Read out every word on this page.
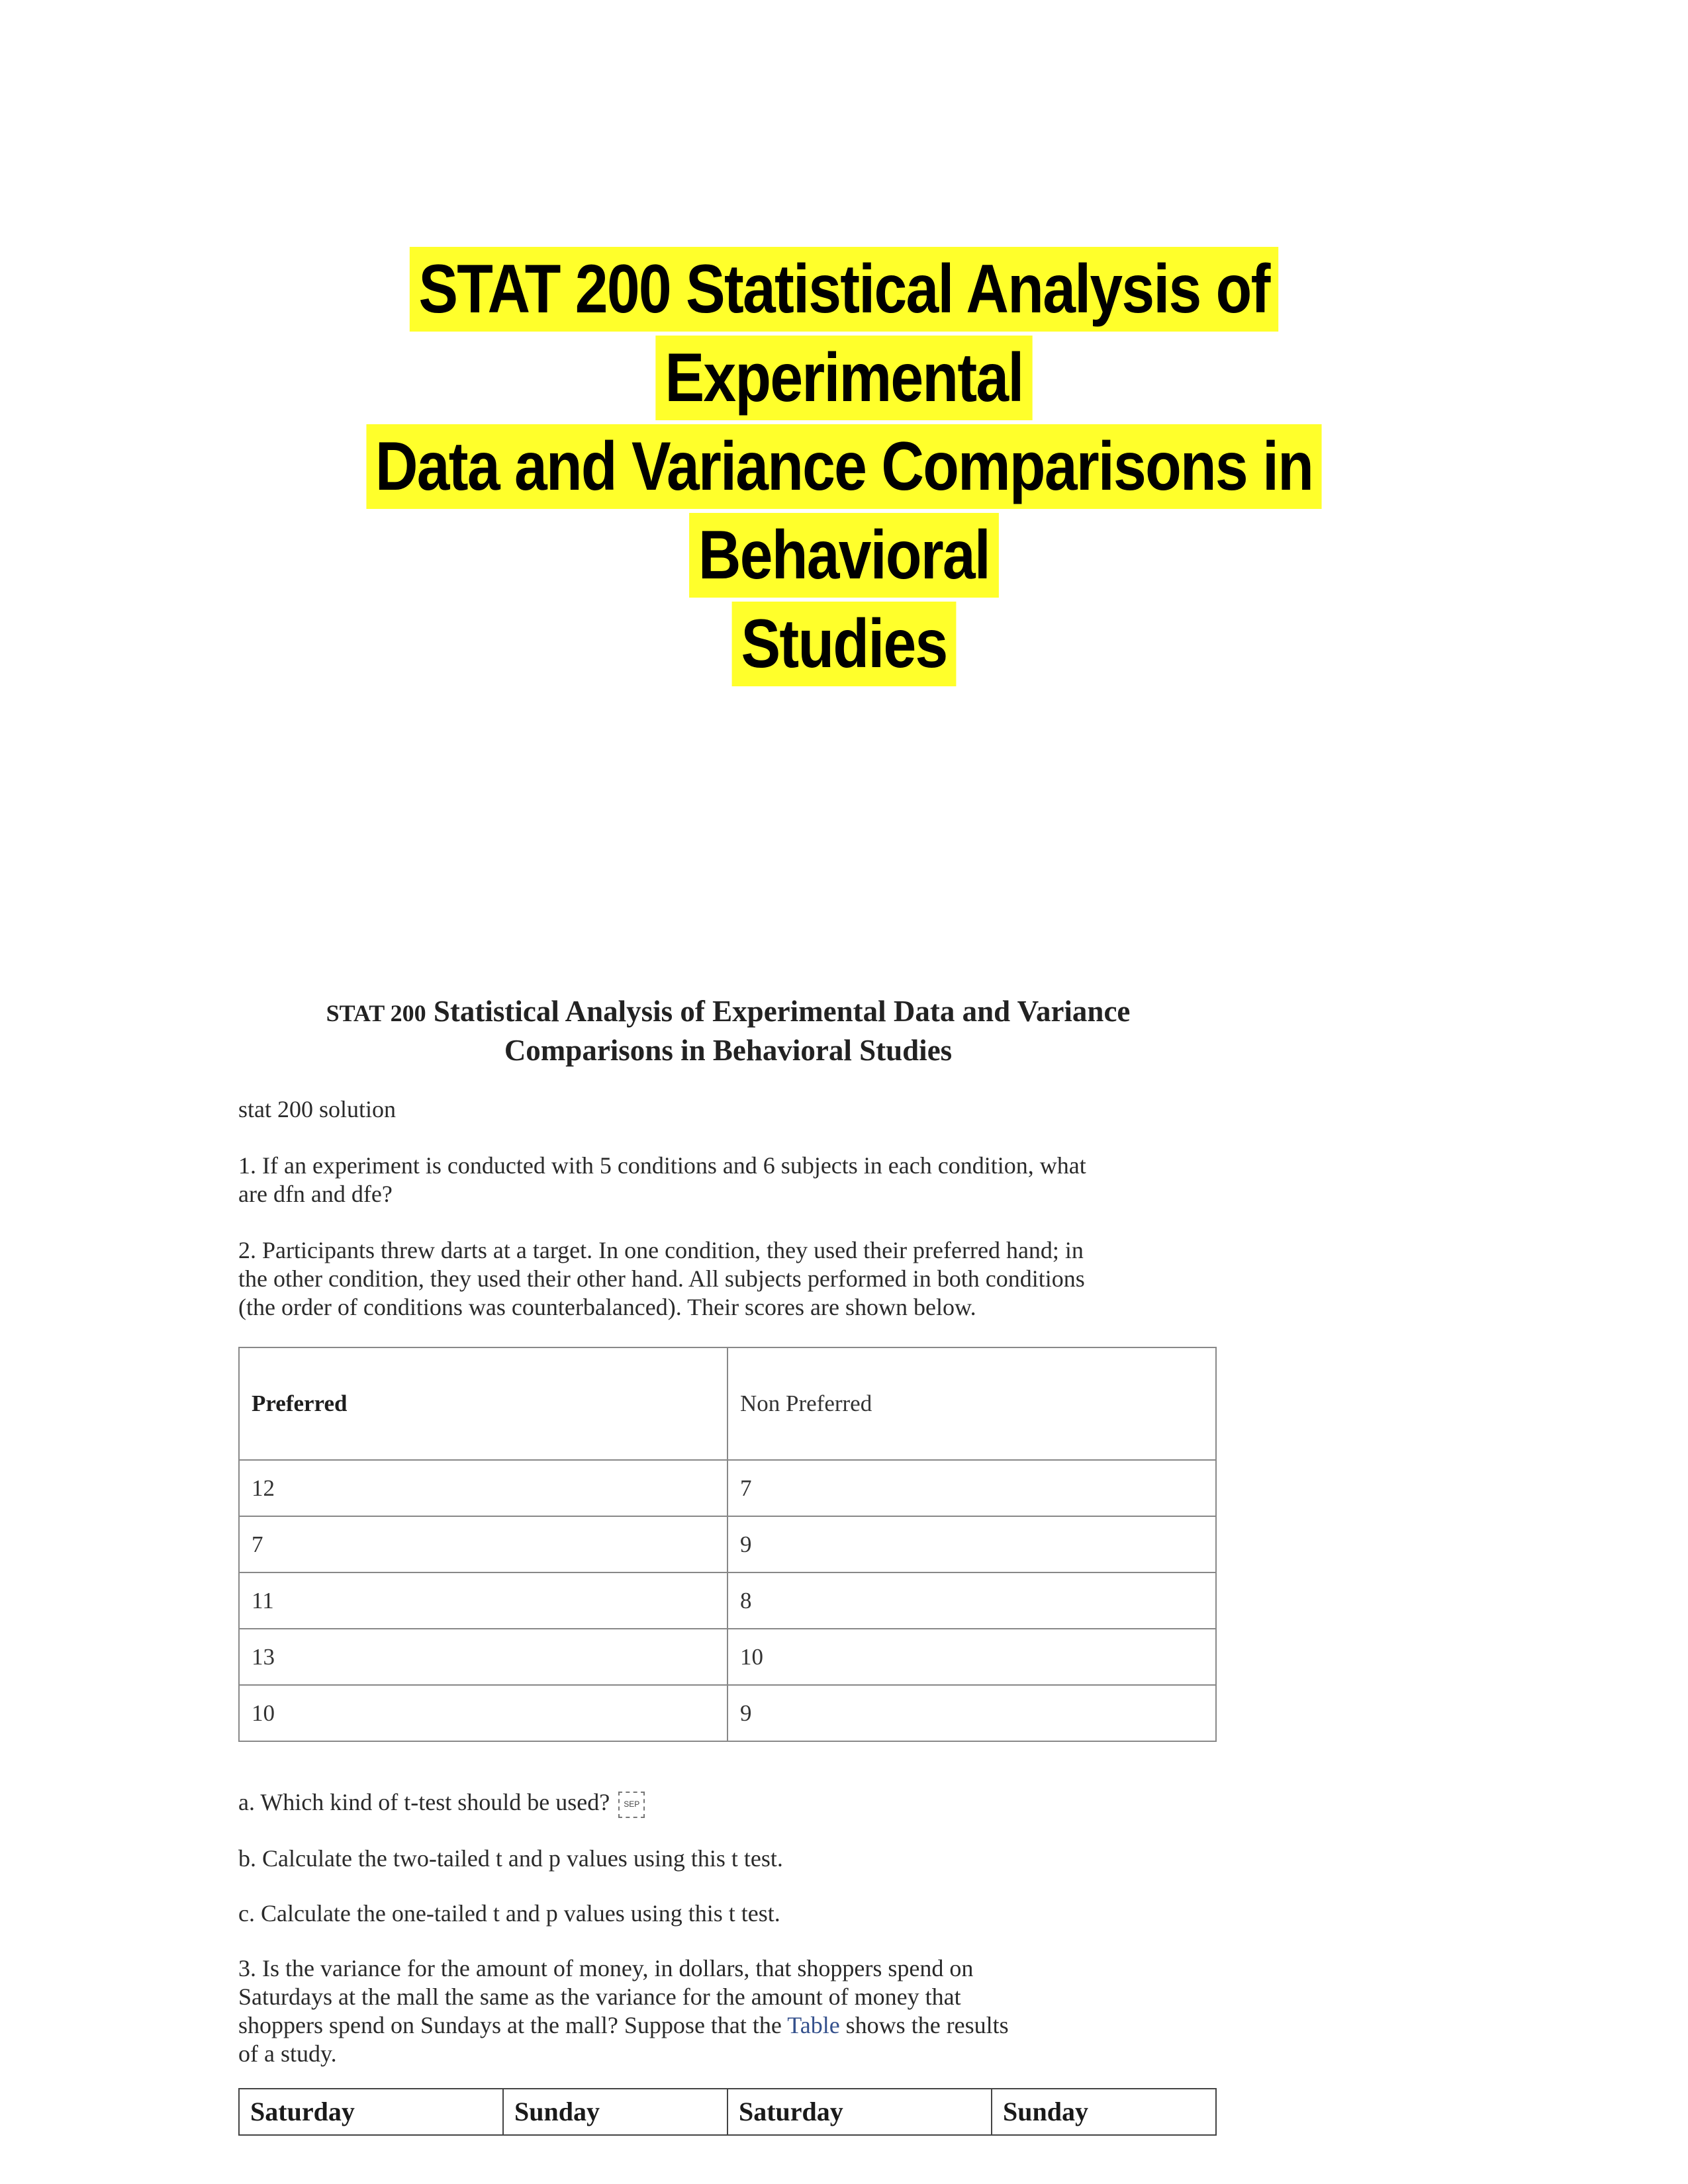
STAT 200 Statistical Analysis of Experimental
Data and Variance Comparisons in Behavioral
Studies
STAT 200 Statistical Analysis of Experimental Data and Variance
Comparisons in Behavioral Studies

stat 200 solution

1. If an experiment is conducted with 5 conditions and 6 subjects in each condition, what
are dfn and dfe?

2. Participants threw darts at a target. In one condition, they used their preferred hand; in
the other condition, they used their other hand. All subjects performed in both conditions
(the order of conditions was counterbalanced). Their scores are shown below.

Preferred	Non Preferred
12	7
7	9
11	8
13	10
10	9

a. Which kind of t-test should be used? SEP

b. Calculate the two-tailed t and p values using this t test.

c. Calculate the one-tailed t and p values using this t test.

3. Is the variance for the amount of money, in dollars, that shoppers spend on
Saturdays at the mall the same as the variance for the amount of money that
shoppers spend on Sundays at the mall? Suppose that the Table shows the results
of a study.

Saturday	Sunday	Saturday	Sunday
